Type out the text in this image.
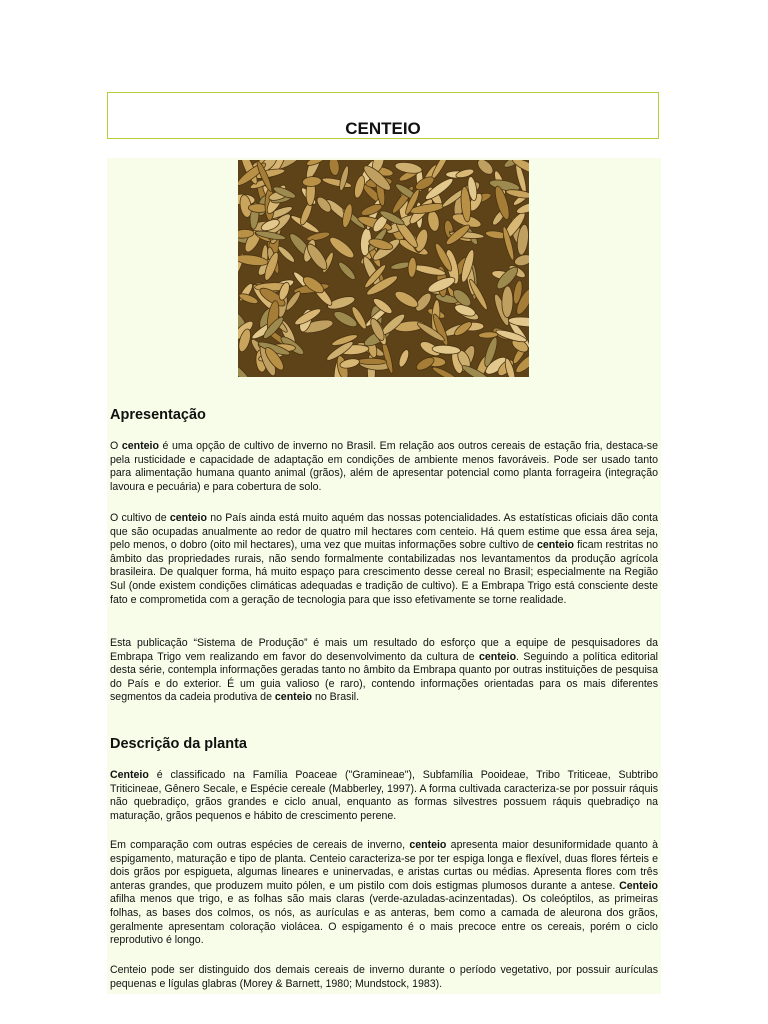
CENTEIO
Apresentação

O centeio é uma opção de cultivo de inverno no Brasil. Em relação aos outros cereais de estação fria, destaca-se pela rusticidade e capacidade de adaptação em condições de ambiente menos favoráveis. Pode ser usado tanto para alimentação humana quanto animal (grãos), além de apresentar potencial como planta forrageira (integração lavoura e pecuária) e para cobertura de solo.

O cultivo de centeio no País ainda está muito aquém das nossas potencialidades. As estatísticas oficiais dão conta que são ocupadas anualmente ao redor de quatro mil hectares com centeio. Há quem estime que essa área seja, pelo menos, o dobro (oito mil hectares), uma vez que muitas informações sobre cultivo de centeio ficam restritas no âmbito das propriedades rurais, não sendo formalmente contabilizadas nos levantamentos da produção agrícola brasileira. De qualquer forma, há muito espaço para crescimento desse cereal no Brasil; especialmente na Região Sul (onde existem condições climáticas adequadas e tradição de cultivo). E a Embrapa Trigo está consciente deste fato e comprometida com a geração de tecnologia para que isso efetivamente se torne realidade.

Esta publicação “Sistema de Produção” é mais um resultado do esforço que a equipe de pesquisadores da Embrapa Trigo vem realizando em favor do desenvolvimento da cultura de centeio. Seguindo a política editorial desta série, contempla informações geradas tanto no âmbito da Embrapa quanto por outras instituições de pesquisa do País e do exterior. É um guia valioso (e raro), contendo informações orientadas para os mais diferentes segmentos da cadeia produtiva de centeio no Brasil.

Descrição da planta

Centeio é classificado na Família Poaceae ("Gramineae"), Subfamília Pooideae, Tribo Triticeae, Subtribo Triticineae, Gênero Secale, e Espécie cereale (Mabberley, 1997). A forma cultivada caracteriza-se por possuir ráquis não quebradiço, grãos grandes e ciclo anual, enquanto as formas silvestres possuem ráquis quebradiço na maturação, grãos pequenos e hábito de crescimento perene.

Em comparação com outras espécies de cereais de inverno, centeio apresenta maior desuniformidade quanto à espigamento, maturação e tipo de planta. Centeio caracteriza-se por ter espiga longa e flexível, duas flores férteis e dois grãos por espigueta, algumas lineares e uninervadas, e aristas curtas ou médias. Apresenta flores com três anteras grandes, que produzem muito pólen, e um pistilo com dois estigmas plumosos durante a antese. Centeio afilha menos que trigo, e as folhas são mais claras (verde-azuladas-acinzentadas). Os coleóptilos, as primeiras folhas, as bases dos colmos, os nós, as aurículas e as anteras, bem como a camada de aleurona dos grãos, geralmente apresentam coloração violácea. O espigamento é o mais precoce entre os cereais, porém o ciclo reprodutivo é longo.

Centeio pode ser distinguido dos demais cereais de inverno durante o período vegetativo, por possuir aurículas pequenas e lígulas glabras (Morey & Barnett, 1980; Mundstock, 1983).
